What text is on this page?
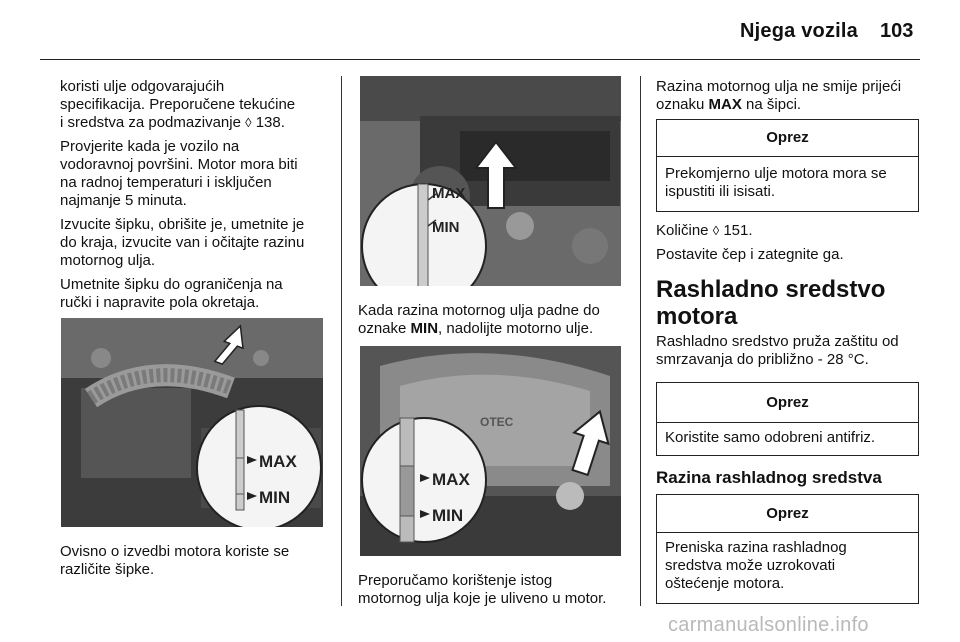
Njega vozila 103

koristi ulje odgovarajućih
specifikacija. Preporučene tekućine
i sredstva za podmazivanje ◊ 138.

Provjerite kada je vozilo na
vodoravnoj površini. Motor mora biti
na radnoj temperaturi i isključen
najmanje 5 minuta.

Izvucite šipku, obrišite je, umetnite je
do kraja, izvucite van i očitajte razinu
motornog ulja.

Umetnite šipku do ograničenja na
ručki i napravite pola okretaja.

MAX
MIN

Ovisno o izvedbi motora koriste se
različite šipke.

MAX
MIN

Kada razina motornog ulja padne do
oznake MIN, nadolijte motorno ulje.

OTEC
MAX
MIN

Preporučamo korištenje istog
motornog ulja koje je uliveno u motor.

Razina motornog ulja ne smije prijeći
oznaku MAX na šipci.

Oprez
Prekomjerno ulje motora mora se
ispustiti ili isisati.

Količine ◊ 151.

Postavite čep i zategnite ga.

Rashladno sredstvo
motora

Rashladno sredstvo pruža zaštitu od
smrzavanja do približno - 28 °C.

Oprez
Koristite samo odobreni antifriz.
Razina rashladnog sredstva
Oprez
Preniska razina rashladnog
sredstva može uzrokovati
oštećenje motora.
carmanualsonline.info
